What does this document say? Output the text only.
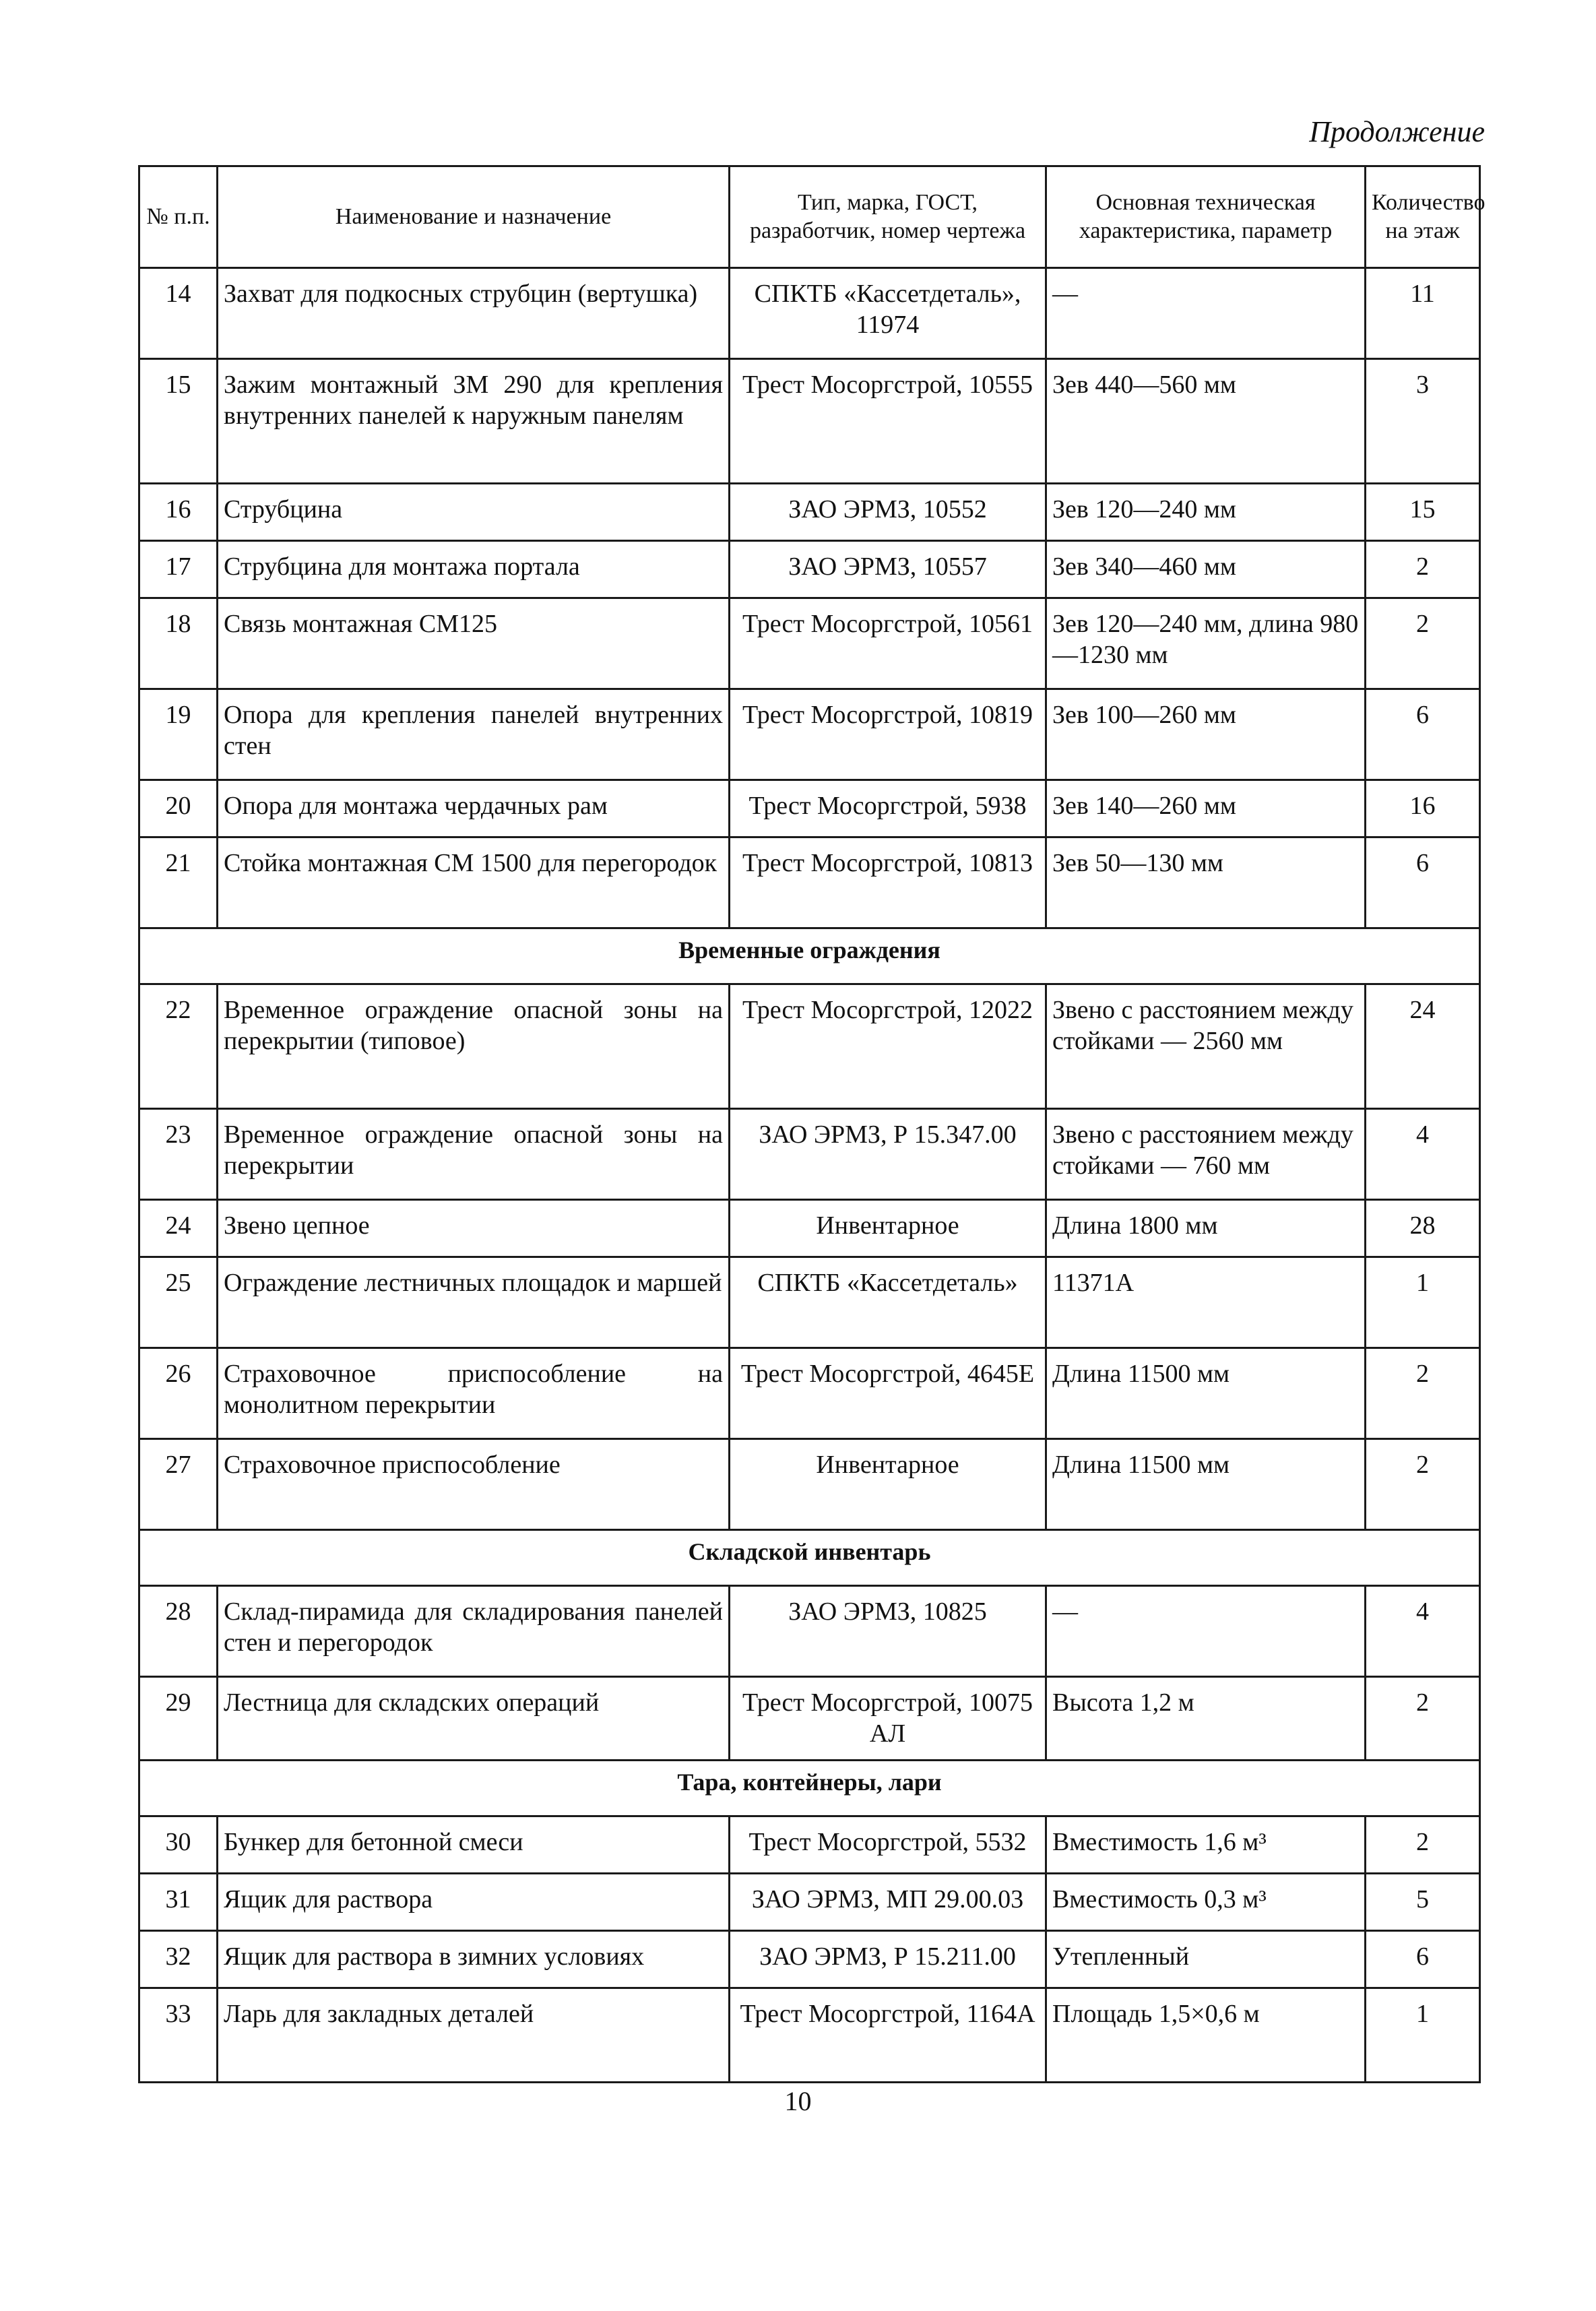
Продолжение
№ п.п.	Наименование и назначение	Тип, марка, ГОСТ, разработчик, номер чертежа	Основная техническая характеристика, параметр	Количество на этаж
14	Захват для подкосных струбцин (вертушка)	СПКТБ «Кассетдеталь», 11974	—	11
15	Зажим монтажный ЗМ 290 для крепления внутренних панелей к наружным панелям	Трест Мосоргстрой, 10555	Зев 440—560 мм	3
16	Струбцина	ЗАО ЭРМЗ, 10552	Зев 120—240 мм	15
17	Струбцина для монтажа портала	ЗАО ЭРМЗ, 10557	Зев 340—460 мм	2
18	Связь монтажная СМ125	Трест Мосоргстрой, 10561	Зев 120—240 мм, длина 980—1230 мм	2
19	Опора для крепления панелей внутренних стен	Трест Мосоргстрой, 10819	Зев 100—260 мм	6
20	Опора для монтажа чердачных рам	Трест Мосоргстрой, 5938	Зев 140—260 мм	16
21	Стойка монтажная СМ 1500 для перегородок	Трест Мосоргстрой, 10813	Зев 50—130 мм	6
Временные ограждения				
22	Временное ограждение опасной зоны на перекрытии (типовое)	Трест Мосоргстрой, 12022	Звено с расстоянием между стойками — 2560 мм	24
23	Временное ограждение опасной зоны на перекрытии	ЗАО ЭРМЗ, Р 15.347.00	Звено с расстоянием между стойками — 760 мм	4
24	Звено цепное	Инвентарное	Длина 1800 мм	28
25	Ограждение лестничных площадок и маршей	СПКТБ «Кассетдеталь»	11371А	1
26	Страховочное приспособление на монолитном перекрытии	Трест Мосоргстрой, 4645Е	Длина 11500 мм	2
27	Страховочное приспособление	Инвентарное	Длина 11500 мм	2
Складской инвентарь				
28	Склад-пирамида для складирования панелей стен и перегородок	ЗАО ЭРМЗ, 10825	—	4
29	Лестница для складских операций	Трест Мосоргстрой, 10075 АЛ	Высота 1,2 м	2
Тара, контейнеры, лари				
30	Бункер для бетонной смеси	Трест Мосоргстрой, 5532	Вместимость 1,6 м³	2
31	Ящик для раствора	ЗАО ЭРМЗ, МП 29.00.03	Вместимость 0,3 м³	5
32	Ящик для раствора в зимних условиях	ЗАО ЭРМЗ, Р 15.211.00	Утепленный	6
33	Ларь для закладных деталей	Трест Мосоргстрой, 1164А	Площадь 1,5×0,6 м	1
10
